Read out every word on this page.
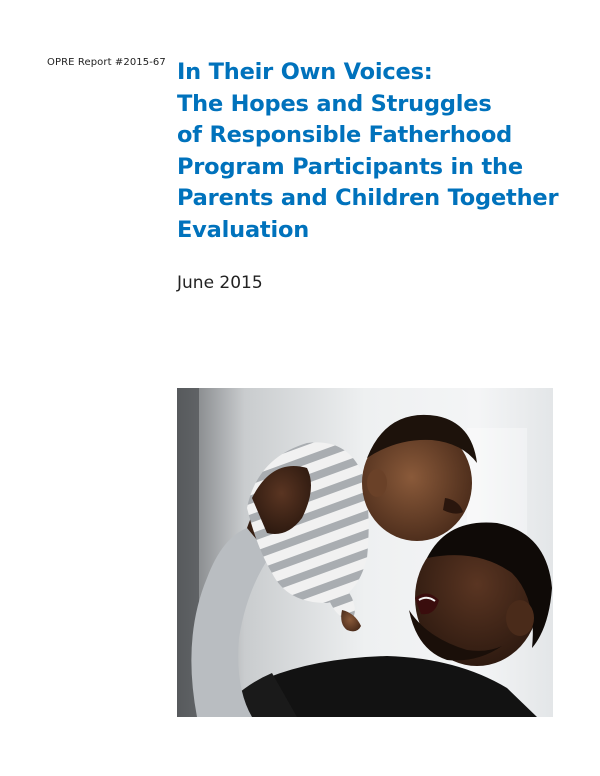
OPRE Report #2015-67 In Their Own Voices:
The Hopes and Struggles
of Responsible Fatherhood
Program Participants in the
Parents and Children Together
Evaluation
June 2015
